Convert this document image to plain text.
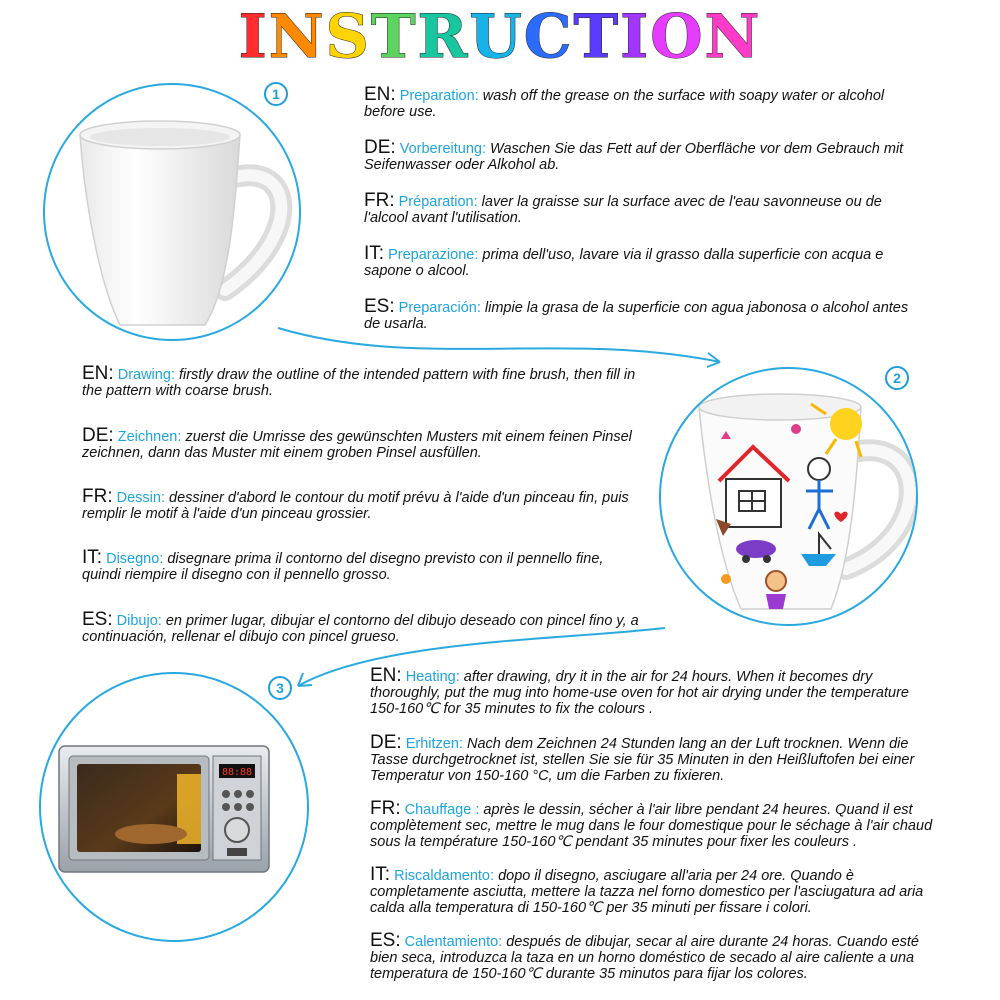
INSTRUCTION
1
2
88:88
3
EN: Preparation: wash off the grease on the surface with soapy water or alcohol before use.
DE: Vorbereitung: Waschen Sie das Fett auf der Oberfläche vor dem Gebrauch mit Seifenwasser oder Alkohol ab.
FR: Préparation: laver la graisse sur la surface avec de l'eau savonneuse ou de l'alcool avant l'utilisation.
IT: Preparazione: prima dell'uso, lavare via il grasso dalla superficie con acqua e sapone o alcool.
ES: Preparación: limpie la grasa de la superficie con agua jabonosa o alcohol antes de usarla.
EN: Drawing: firstly draw the outline of the intended pattern with fine brush, then fill in the pattern with coarse brush.
DE: Zeichnen: zuerst die Umrisse des gewünschten Musters mit einem feinen Pinsel zeichnen, dann das Muster mit einem groben Pinsel ausfüllen.
FR: Dessin: dessiner d'abord le contour du motif prévu à l'aide d'un pinceau fin, puis remplir le motif à l'aide d'un pinceau grossier.
IT: Disegno: disegnare prima il contorno del disegno previsto con il pennello fine, quindi riempire il disegno con il pennello grosso.
ES: Dibujo: en primer lugar, dibujar el contorno del dibujo deseado con pincel fino y, a continuación, rellenar el dibujo con pincel grueso.
EN: Heating: after drawing, dry it in the air for 24 hours. When it becomes dry thoroughly, put the mug into home-use oven for hot air drying under the temperature 150-160℃ for 35 minutes to fix the colours .
DE: Erhitzen: Nach dem Zeichnen 24 Stunden lang an der Luft trocknen. Wenn die Tasse durchgetrocknet ist, stellen Sie sie für 35 Minuten in den Heißluftofen bei einer Temperatur von 150-160 °C, um die Farben zu fixieren.
FR: Chauffage : après le dessin, sécher à l'air libre pendant 24 heures. Quand il est complètement sec, mettre le mug dans le four domestique pour le séchage à l'air chaud sous la température 150-160℃ pendant 35 minutes pour fixer les couleurs .
IT: Riscaldamento: dopo il disegno, asciugare all'aria per 24 ore. Quando è completamente asciutta, mettere la tazza nel forno domestico per l'asciugatura ad aria calda alla temperatura di 150-160℃ per 35 minuti per fissare i colori.
ES: Calentamiento: después de dibujar, secar al aire durante 24 horas. Cuando esté bien seca, introduzca la taza en un horno doméstico de secado al aire caliente a una temperatura de 150-160℃ durante 35 minutos para fijar los colores.
